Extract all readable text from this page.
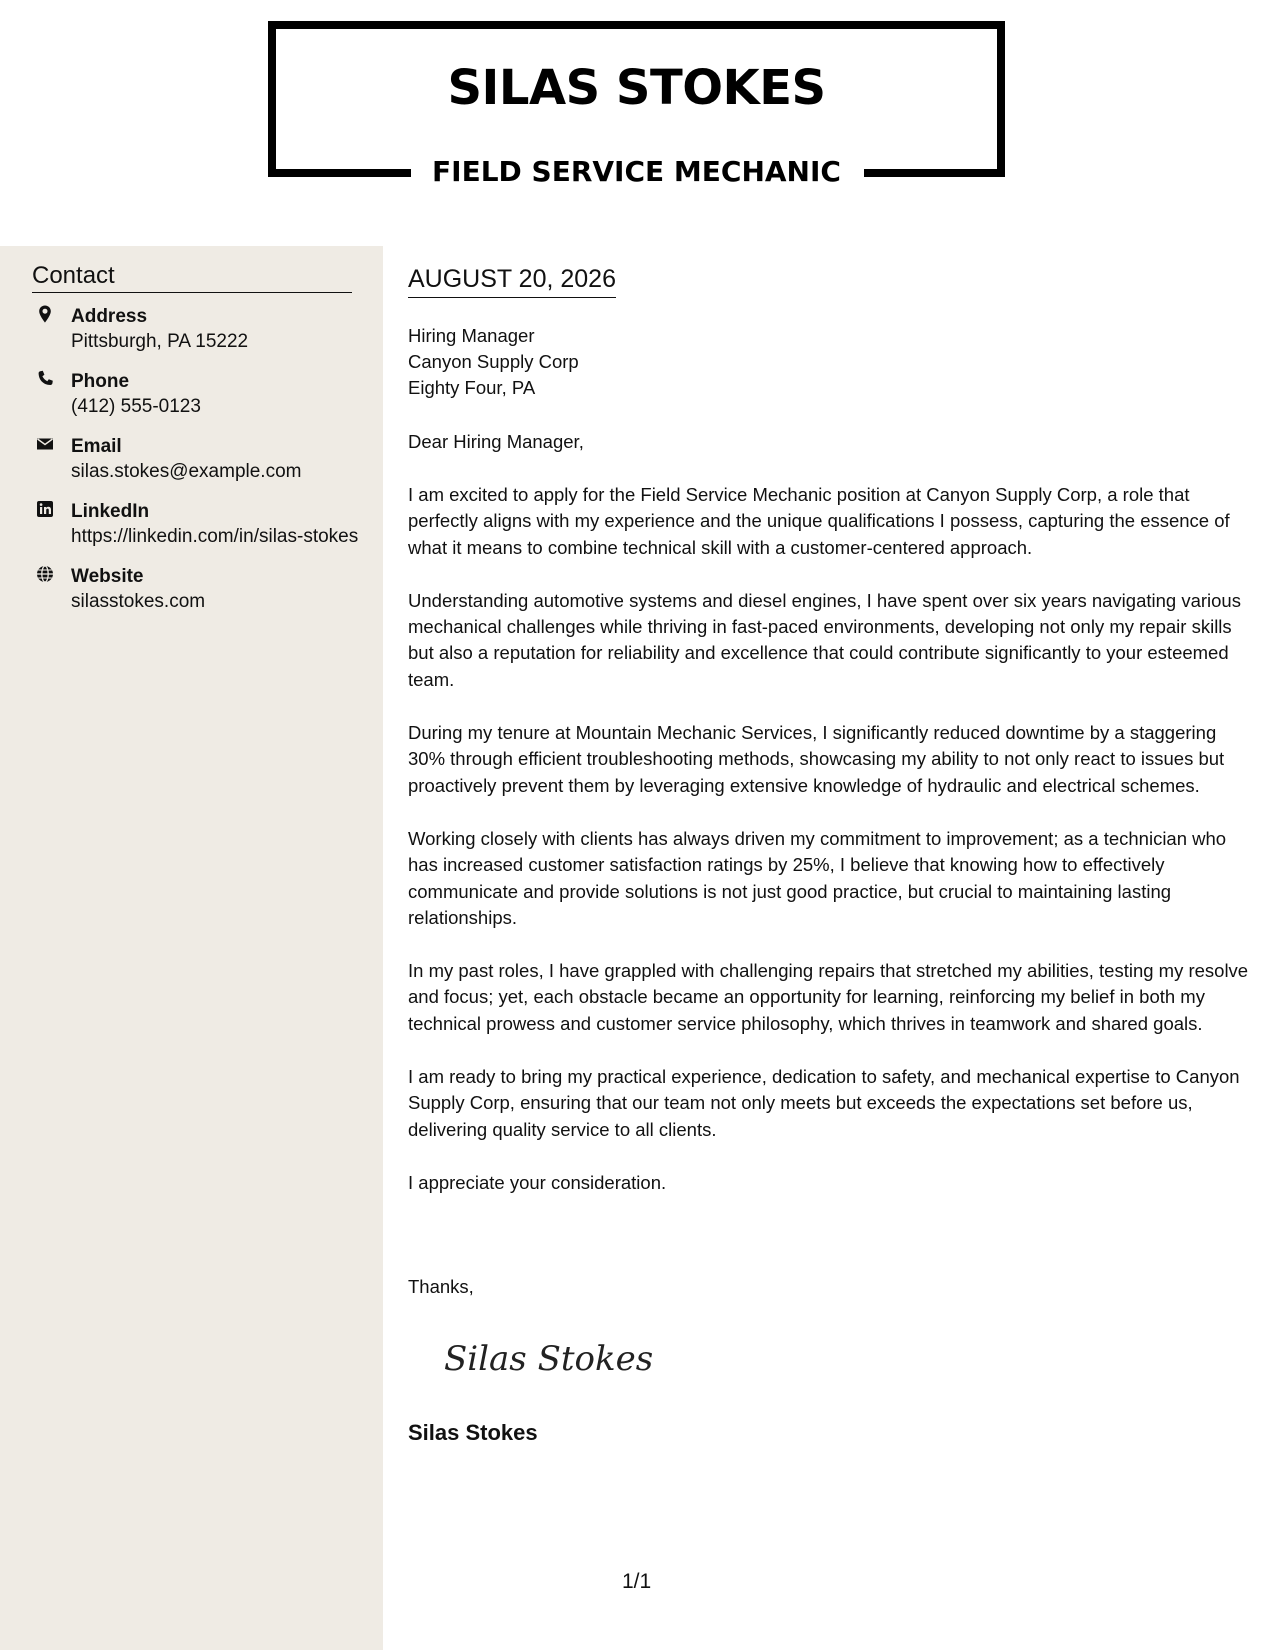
SILAS STOKES
FIELD SERVICE MECHANIC
Contact
Address
Pittsburgh, PA 15222
Phone
(412) 555-0123
Email
silas.stokes@example.com
LinkedIn
https://linkedin.com/in/silas-stokes
Website
silasstokes.com
AUGUST 20, 2026
Hiring Manager
Canyon Supply Corp
Eighty Four, PA
Dear Hiring Manager,

I am excited to apply for the Field Service Mechanic position at Canyon Supply Corp, a role that perfectly aligns with my experience and the unique qualifications I possess, capturing the essence of what it means to combine technical skill with a customer-centered approach.

Understanding automotive systems and diesel engines, I have spent over six years navigating various mechanical challenges while thriving in fast-paced environments, developing not only my repair skills but also a reputation for reliability and excellence that could contribute significantly to your esteemed team.

During my tenure at Mountain Mechanic Services, I significantly reduced downtime by a staggering 30% through efficient troubleshooting methods, showcasing my ability to not only react to issues but proactively prevent them by leveraging extensive knowledge of hydraulic and electrical schemes.

Working closely with clients has always driven my commitment to improvement; as a technician who has increased customer satisfaction ratings by 25%, I believe that knowing how to effectively communicate and provide solutions is not just good practice, but crucial to maintaining lasting relationships.

In my past roles, I have grappled with challenging repairs that stretched my abilities, testing my resolve and focus; yet, each obstacle became an opportunity for learning, reinforcing my belief in both my technical prowess and customer service philosophy, which thrives in teamwork and shared goals.

I am ready to bring my practical experience, dedication to safety, and mechanical expertise to Canyon Supply Corp, ensuring that our team not only meets but exceeds the expectations set before us, delivering quality service to all clients.

I appreciate your consideration.

Thanks,
Silas Stokes
Silas Stokes
1/1
